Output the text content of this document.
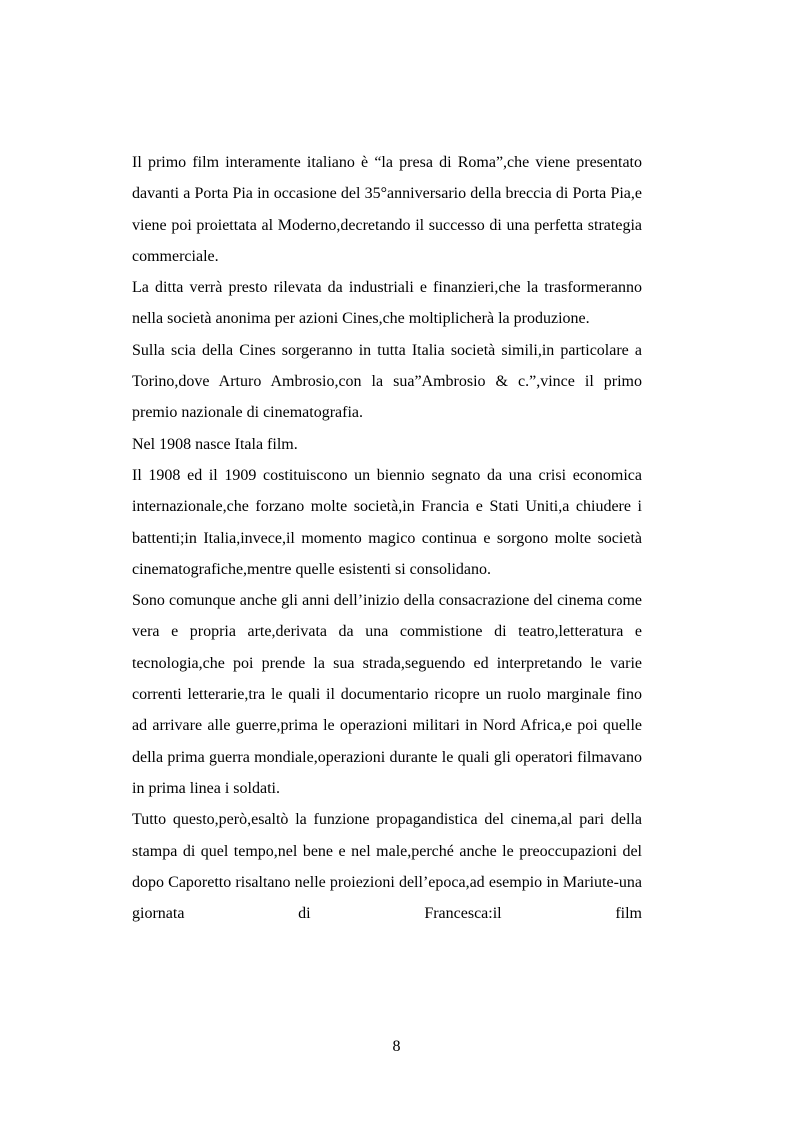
Il primo film interamente italiano è “la presa di Roma”,che viene presentato davanti a Porta Pia in occasione del 35°anniversario della breccia di Porta Pia,e viene poi proiettata al Moderno,decretando il successo di una perfetta strategia commerciale.

La ditta verrà presto rilevata da industriali e finanzieri,che la trasformeranno nella società anonima per azioni Cines,che moltiplicherà la produzione.

Sulla scia della Cines sorgeranno in tutta Italia società simili,in particolare a Torino,dove Arturo Ambrosio,con la sua”Ambrosio & c.”,vince il primo premio nazionale di cinematografia.

Nel 1908 nasce Itala film.

Il 1908 ed il 1909 costituiscono un biennio segnato da una crisi economica internazionale,che forzano molte società,in Francia e Stati Uniti,a chiudere i battenti;in Italia,invece,il momento magico continua e sorgono molte società cinematografiche,mentre quelle esistenti si consolidano.

Sono comunque anche gli anni dell’inizio della consacrazione del cinema come vera e propria arte,derivata da una commistione di teatro,letteratura e tecnologia,che poi prende la sua strada,seguendo ed interpretando le varie correnti letterarie,tra le quali il documentario ricopre un ruolo marginale fino ad arrivare alle guerre,prima le operazioni militari in Nord Africa,e poi quelle della prima guerra mondiale,operazioni durante le quali gli operatori filmavano in prima linea i soldati.

Tutto questo,però,esaltò la funzione propagandistica del cinema,al pari della stampa di quel tempo,nel bene e nel male,perché anche le preoccupazioni del dopo Caporetto risaltano nelle proiezioni dell’epoca,ad esempio in Mariute-una giornata di Francesca:il film

8
